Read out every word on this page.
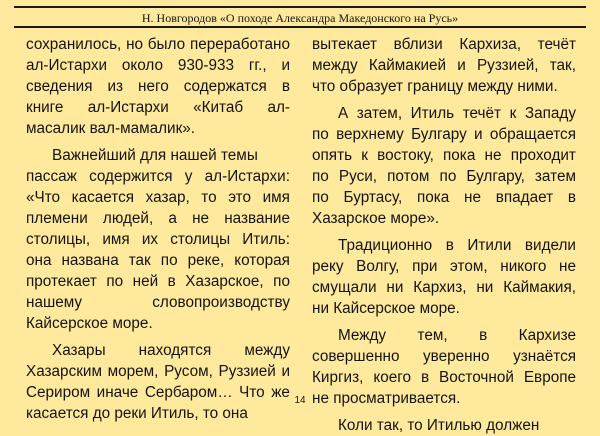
Н. Новгородов «О походе Александра Македонского на Русь»
сохранилось, но было переработано
ал-Истархи около 930-933 гг., и
сведения из него содержатся в
книге ал-Истархи «Китаб ал-
масалик вал-мамалик».
Важнейший для нашей темы
пассаж содержится у ал-Истархи:
«Что касается хазар, то это имя
племени людей, а не название
столицы, имя их столицы Итиль:
она названа так по реке, которая
протекает по ней в Хазарское, по
нашему	словопроизводству
Кайсерское море.
Хазары находятся между
Хазарским морем, Русом, Руззией и
Сериром иначе Сербаром… Что же
касается до реки Итиль, то она
вытекает вблизи Кархиза, течёт
между Каймакией и Руззией, так,
что образует границу между ними.
А затем, Итиль течёт к Западу
по верхнему Булгару и обращается
опять к востоку, пока не проходит
по Руси, потом по Булгару, затем
по Буртасу, пока не впадает в
Хазарское море».
Традиционно в Итили видели
реку Волгу, при этом, никого не
смущали ни Кархиз, ни Каймакия,
ни Кайсерское море.
Между тем, в Кархизе
совершенно уверенно узнаётся
Киргиз, коего в Восточной Европе
не просматривается.
Коли так, то Итилью должен
14
